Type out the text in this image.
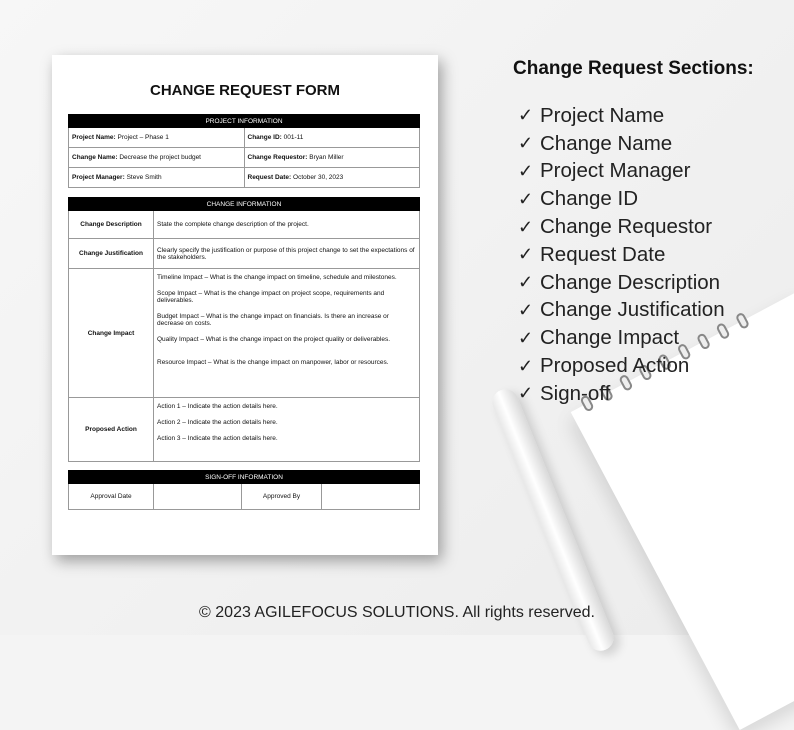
CHANGE REQUEST FORM
PROJECT INFORMATION	
Project Name: Project – Phase 1	Change ID: 001-11
Change Name: Decrease the project budget	Change Requestor: Bryan Miller
Project Manager: Steve Smith	Request Date: October 30, 2023
CHANGE INFORMATION	
Change Description	State the complete change description of the project.
Change Justification	Clearly specify the justification or purpose of this project change to set the expectations of the stakeholders.
Change Impact	Timeline Impact – What is the change impact on timeline, schedule and milestones.

Scope Impact – What is the change impact on project scope, requirements and deliverables.

Budget Impact – What is the change impact on financials. Is there an increase or decrease on costs.

Quality Impact – What is the change impact on the project quality or deliverables.

Resource Impact – What is the change impact on manpower, labor or resources.

Proposed Action	Action 1 – Indicate the action details here.

Action 2 – Indicate the action details here.

Action 3 – Indicate the action details here.

SIGN-OFF INFORMATION
Approval Date		Approved By	
Change Request Sections:
✓ Project Name
✓ Change Name
✓ Project Manager
✓ Change ID
✓ Change Requestor
✓ Request Date
✓ Change Description
✓ Change Justification
✓ Change Impact
✓ Proposed Action
✓ Sign-off
© 2023 AGILEFOCUS SOLUTIONS. All rights reserved.
